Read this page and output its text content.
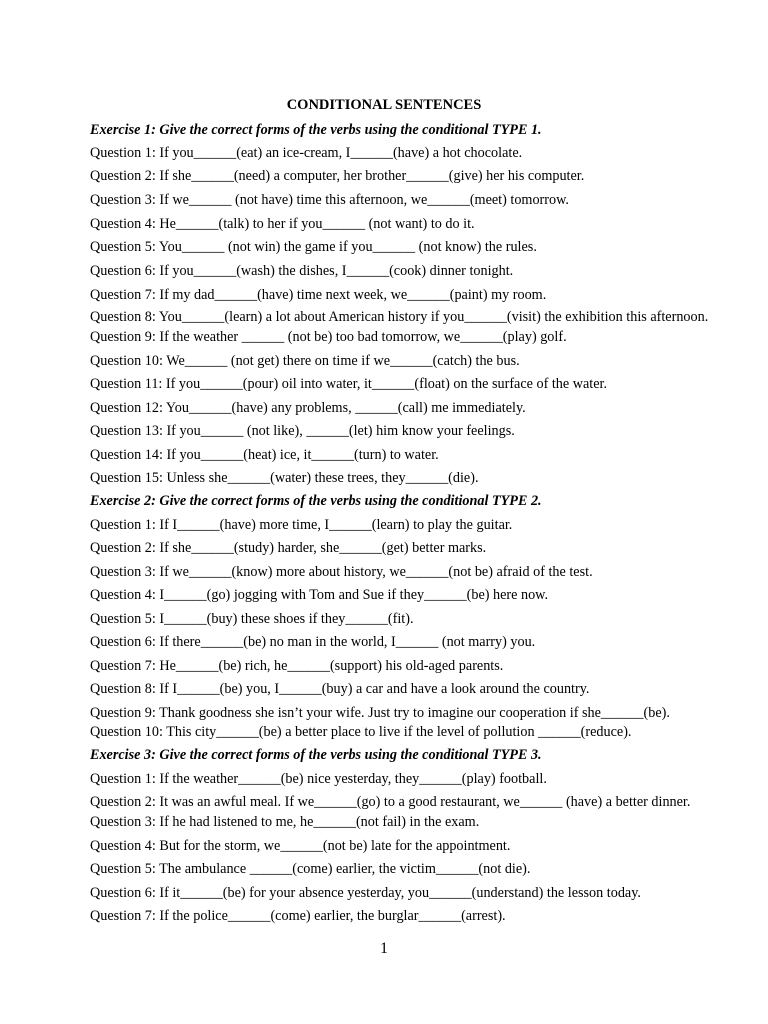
CONDITIONAL SENTENCES
Exercise 1: Give the correct forms of the verbs using the conditional TYPE 1.
Question 1: If you______(eat) an ice-cream, I______(have) a hot chocolate.
Question 2: If she______(need) a computer, her brother______(give) her his computer.
Question 3: If we______ (not have) time this afternoon, we______(meet) tomorrow.
Question 4: He______(talk) to her if you______ (not want) to do it.
Question 5: You______ (not win) the game if you______ (not know) the rules.
Question 6: If you______(wash) the dishes, I______(cook) dinner tonight.
Question 7: If my dad______(have) time next week, we______(paint) my room.
Question 8: You______(learn) a lot about American history if you______(visit) the exhibition this afternoon.
Question 9: If the weather ______ (not be) too bad tomorrow, we______(play) golf.
Question 10: We______ (not get) there on time if we______(catch) the bus.
Question 11: If you______(pour) oil into water, it______(float) on the surface of the water.
Question 12: You______(have) any problems, ______(call) me immediately.
Question 13: If you______ (not like), ______(let) him know your feelings.
Question 14: If you______(heat) ice, it______(turn) to water.
Question 15: Unless she______(water) these trees, they______(die).
Exercise 2: Give the correct forms of the verbs using the conditional TYPE 2.
Question 1: If I______(have) more time, I______(learn) to play the guitar.
Question 2: If she______(study) harder, she______(get) better marks.
Question 3: If we______(know) more about history, we______(not be) afraid of the test.
Question 4: I______(go) jogging with Tom and Sue if they______(be) here now.
Question 5: I______(buy) these shoes if they______(fit).
Question 6: If there______(be) no man in the world, I______ (not marry) you.
Question 7: He______(be) rich, he______(support) his old-aged parents.
Question 8: If I______(be) you, I______(buy) a car and have a look around the country.
Question 9: Thank goodness she isn’t your wife. Just try to imagine our cooperation if she______(be).
Question 10: This city______(be) a better place to live if the level of pollution ______(reduce).
Exercise 3: Give the correct forms of the verbs using the conditional TYPE 3.
Question 1: If the weather______(be) nice yesterday, they______(play) football.
Question 2: It was an awful meal. If we______(go) to a good restaurant, we______ (have) a better dinner.
Question 3: If he had listened to me, he______(not fail) in the exam.
Question 4: But for the storm, we______(not be) late for the appointment.
Question 5: The ambulance ______(come) earlier, the victim______(not die).
Question 6: If it______(be) for your absence yesterday, you______(understand) the lesson today.
Question 7: If the police______(come) earlier, the burglar______(arrest).
1
